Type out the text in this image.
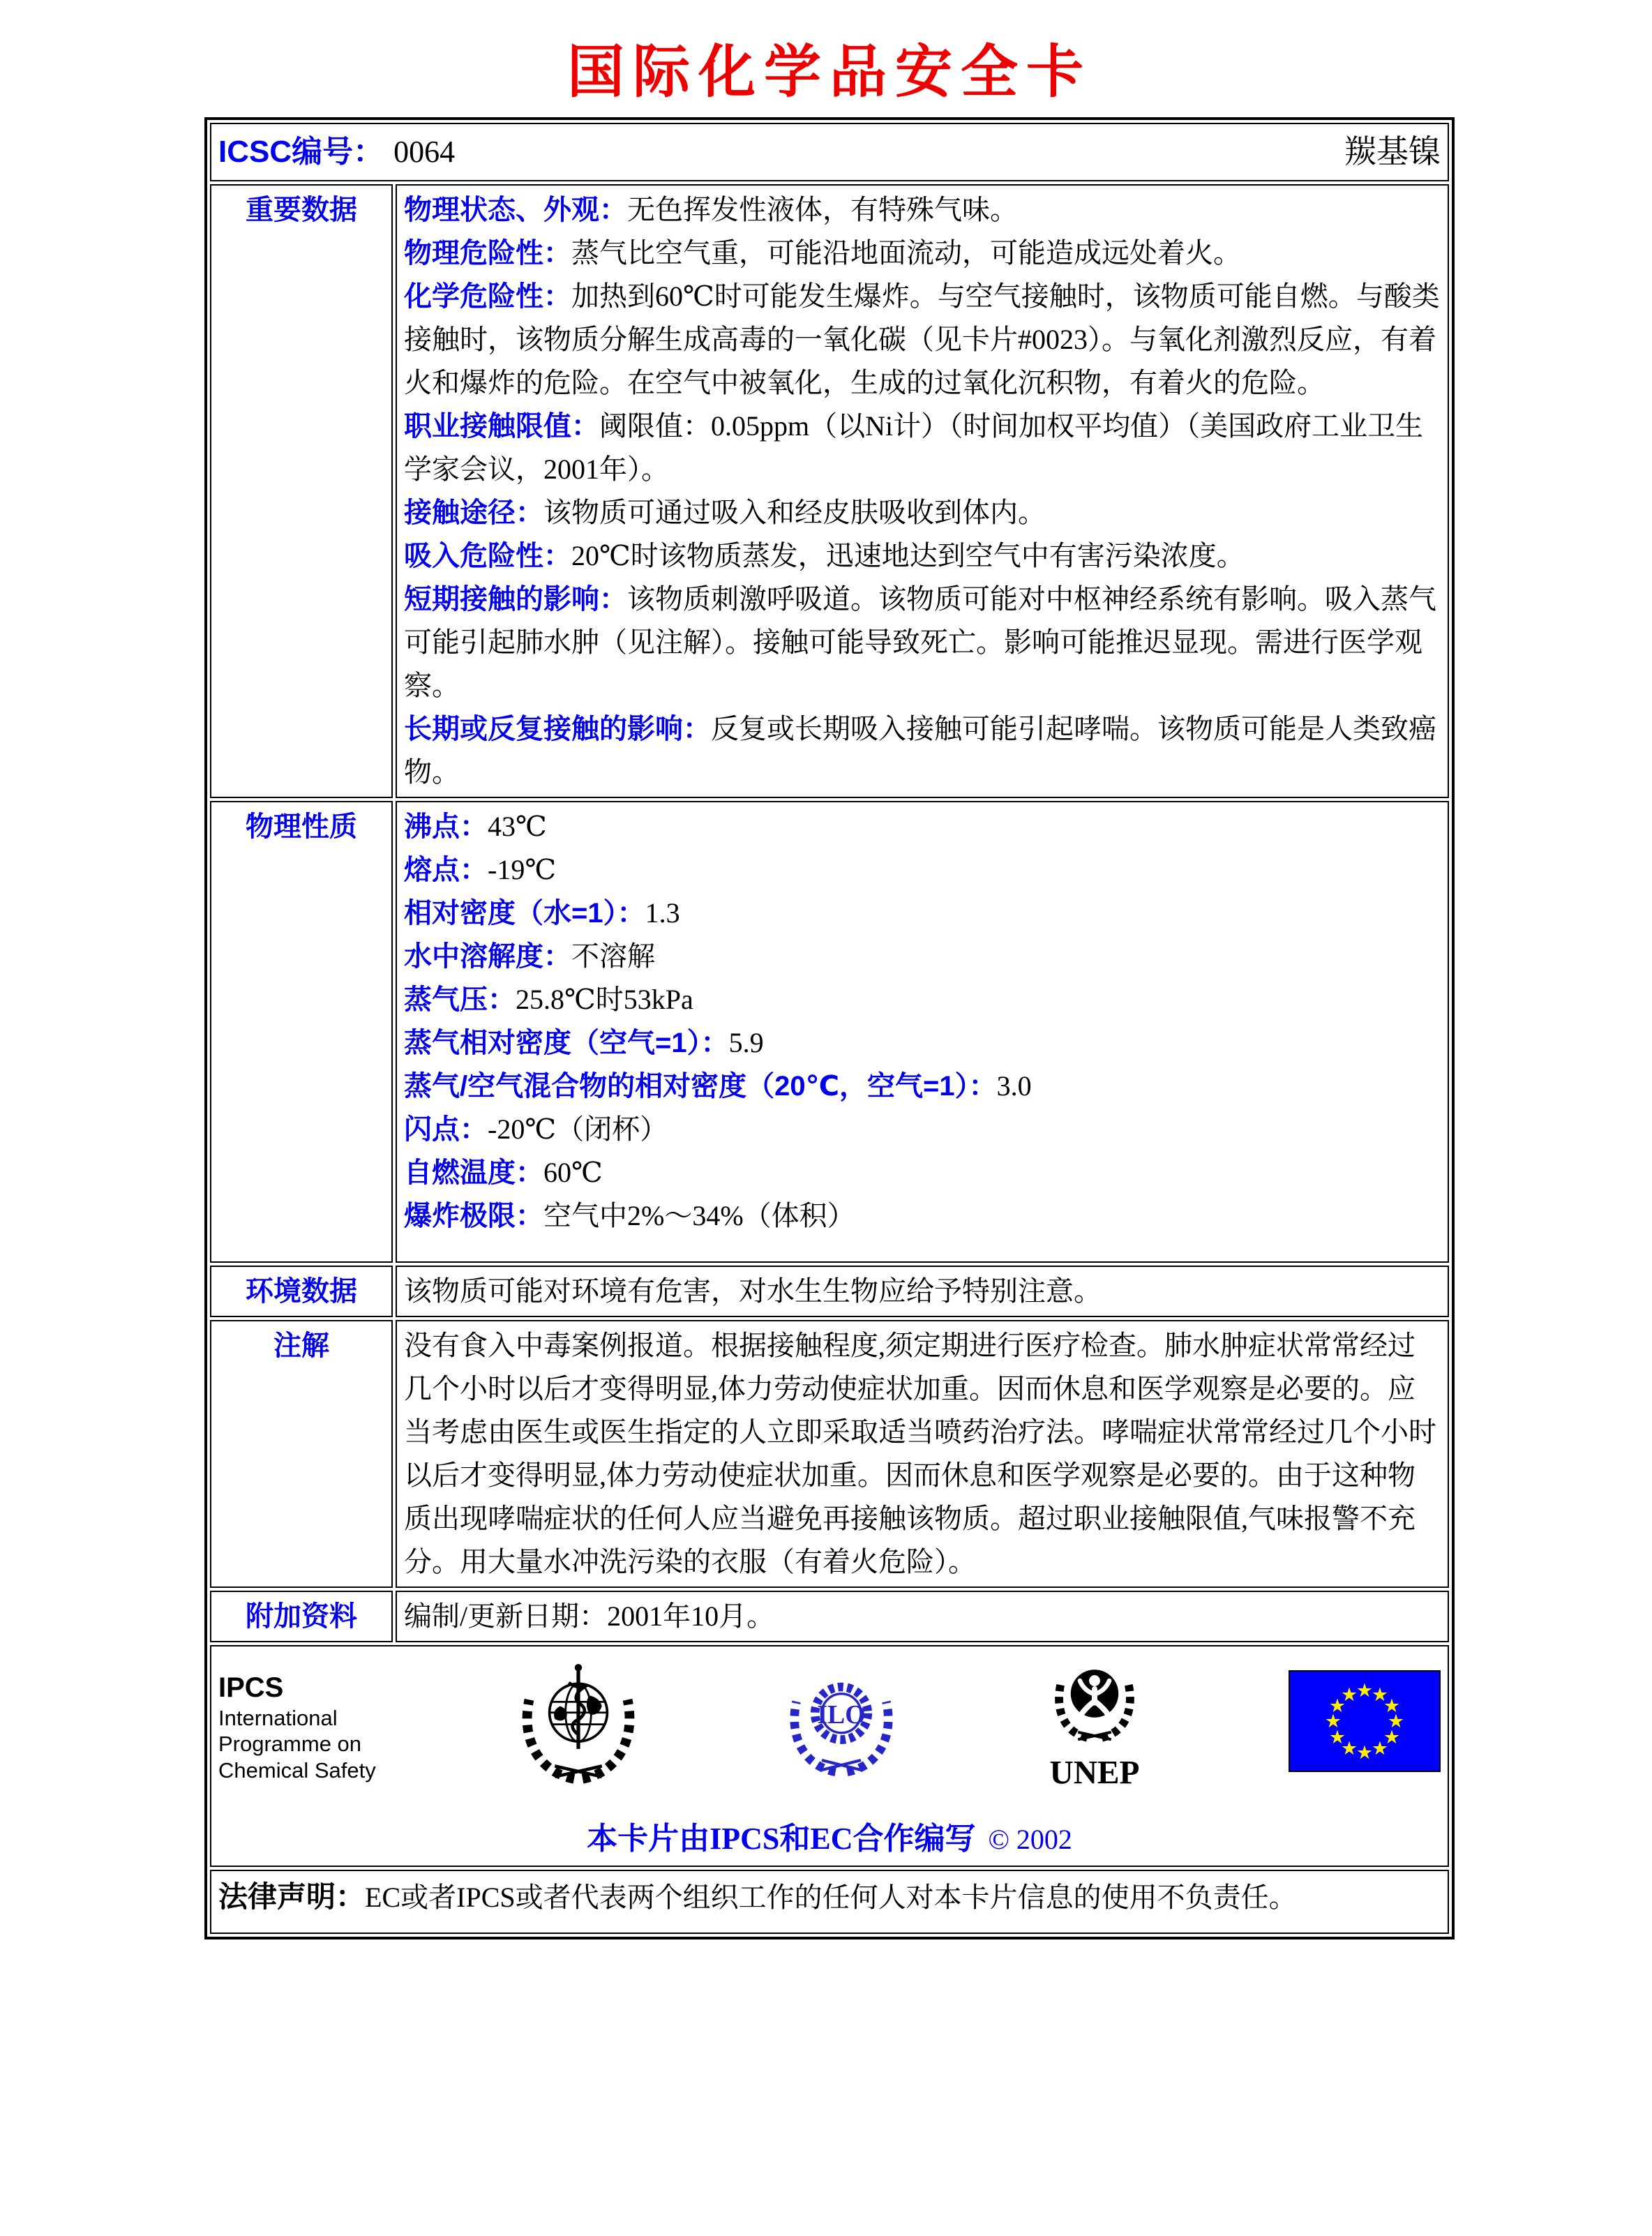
国际化学品安全卡
ICSC编号： 0064 羰基镍	

重要数据	物理状态、外观：无色挥发性液体，有特殊气味。
物理危险性：蒸气比空气重，可能沿地面流动，可能造成远处着火。
化学危险性：加热到60℃时可能发生爆炸。与空气接触时，该物质可能自燃。与酸类接触时，该物质分解生成高毒的一氧化碳（见卡片#0023）。与氧化剂激烈反应，有着火和爆炸的危险。在空气中被氧化，生成的过氧化沉积物，有着火的危险。
职业接触限值：阈限值：0.05ppm（以Ni计）（时间加权平均值）（美国政府工业卫生学家会议，2001年）。
接触途径：该物质可通过吸入和经皮肤吸收到体内。
吸入危险性：20℃时该物质蒸发，迅速地达到空气中有害污染浓度。
短期接触的影响：该物质刺激呼吸道。该物质可能对中枢神经系统有影响。吸入蒸气可能引起肺水肿（见注解）。接触可能导致死亡。影响可能推迟显现。需进行医学观察。
长期或反复接触的影响：反复或长期吸入接触可能引起哮喘。该物质可能是人类致癌物。

物理性质	沸点：43℃
熔点：-19℃
相对密度（水=1）：1.3
水中溶解度：不溶解
蒸气压：25.8℃时53kPa
蒸气相对密度（空气=1）：5.9
蒸气/空气混合物的相对密度（20℃，空气=1）：3.0
闪点：-20℃（闭杯）
自燃温度：60℃
爆炸极限：空气中2%～34%（体积）

环境数据	该物质可能对环境有危害，对水生生物应给予特别注意。
注解	没有食入中毒案例报道。根据接触程度,须定期进行医疗检查。肺水肿症状常常经过几个小时以后才变得明显,体力劳动使症状加重。因而休息和医学观察是必要的。应当考虑由医生或医生指定的人立即采取适当喷药治疗法。哮喘症状常常经过几个小时以后才变得明显,体力劳动使症状加重。因而休息和医学观察是必要的。由于这种物质出现哮喘症状的任何人应当避免再接触该物质。超过职业接触限值,气味报警不充分。用大量水冲洗污染的衣服（有着火危险）。
附加资料	编制/更新日期：2001年10月。

IPCS
International
Programme on
Chemical Safety
ILO
UNEP
★
★
★
★
★
★
★
★
★
★
★
★
本卡片由IPCS和EC合作编写 © 2002

法律声明：EC或者IPCS或者代表两个组织工作的任何人对本卡片信息的使用不负责任。	
